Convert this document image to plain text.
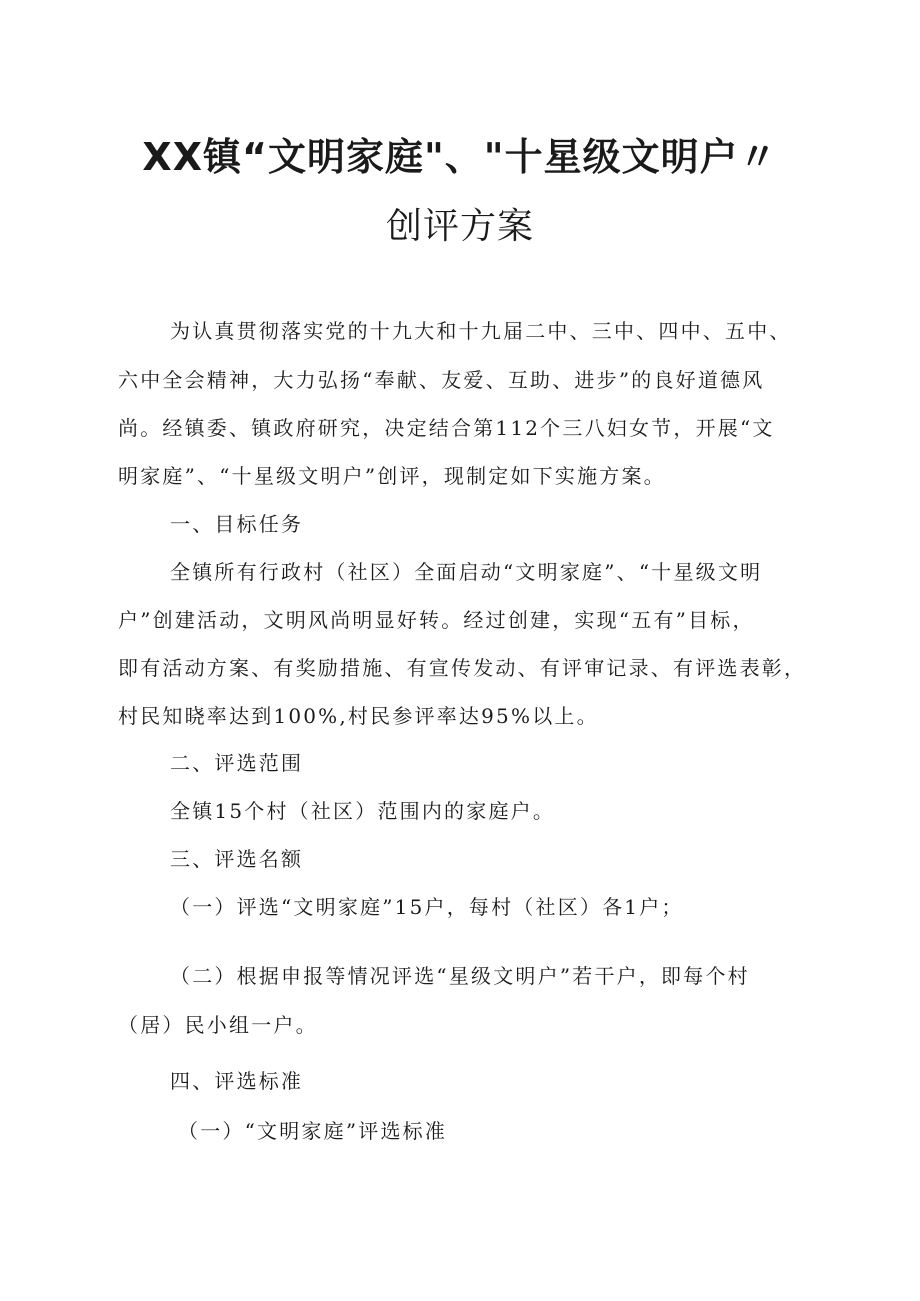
XX镇“文明家庭"、"十星级文明户〃
创评方案
为认真贯彻落实党的十九大和十九届二中、三中、四中、五中、
六中全会精神，大力弘扬“奉献、友爱、互助、进步”的良好道德风
尚。经镇委、镇政府研究，决定结合第112个三八妇女节，开展“文
明家庭”、“十星级文明户”创评，现制定如下实施方案。
一、目标任务
全镇所有行政村（社区）全面启动“文明家庭”、“十星级文明
户”创建活动，文明风尚明显好转。经过创建，实现“五有”目标，
即有活动方案、有奖励措施、有宣传发动、有评审记录、有评选表彰，
村民知晓率达到100%,村民参评率达95%以上。
二、评选范围
全镇15个村（社区）范围内的家庭户。
三、评选名额
（一）评选“文明家庭”15户，每村（社区）各1户；
（二）根据申报等情况评选“星级文明户”若干户，即每个村
（居）民小组一户。
四、评选标准
（一）“文明家庭”评选标准
